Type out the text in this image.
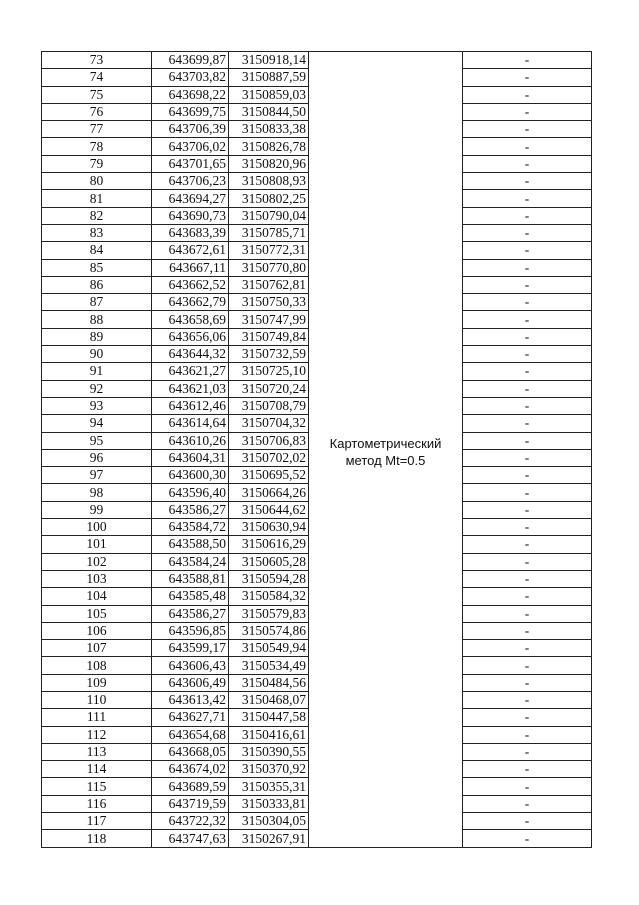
73	643699,87	3150918,14	Картометрический
метод Mt=0.5	-
74	643703,82	3150887,59		-
75	643698,22	3150859,03		-
76	643699,75	3150844,50		-
77	643706,39	3150833,38		-
78	643706,02	3150826,78		-
79	643701,65	3150820,96		-
80	643706,23	3150808,93		-
81	643694,27	3150802,25		-
82	643690,73	3150790,04		-
83	643683,39	3150785,71		-
84	643672,61	3150772,31		-
85	643667,11	3150770,80		-
86	643662,52	3150762,81		-
87	643662,79	3150750,33		-
88	643658,69	3150747,99		-
89	643656,06	3150749,84		-
90	643644,32	3150732,59		-
91	643621,27	3150725,10		-
92	643621,03	3150720,24		-
93	643612,46	3150708,79		-
94	643614,64	3150704,32		-
95	643610,26	3150706,83		-
96	643604,31	3150702,02		-
97	643600,30	3150695,52		-
98	643596,40	3150664,26		-
99	643586,27	3150644,62		-
100	643584,72	3150630,94		-
101	643588,50	3150616,29		-
102	643584,24	3150605,28		-
103	643588,81	3150594,28		-
104	643585,48	3150584,32		-
105	643586,27	3150579,83		-
106	643596,85	3150574,86		-
107	643599,17	3150549,94		-
108	643606,43	3150534,49		-
109	643606,49	3150484,56		-
110	643613,42	3150468,07		-
111	643627,71	3150447,58		-
112	643654,68	3150416,61		-
113	643668,05	3150390,55		-
114	643674,02	3150370,92		-
115	643689,59	3150355,31		-
116	643719,59	3150333,81		-
117	643722,32	3150304,05		-
118	643747,63	3150267,91		-
